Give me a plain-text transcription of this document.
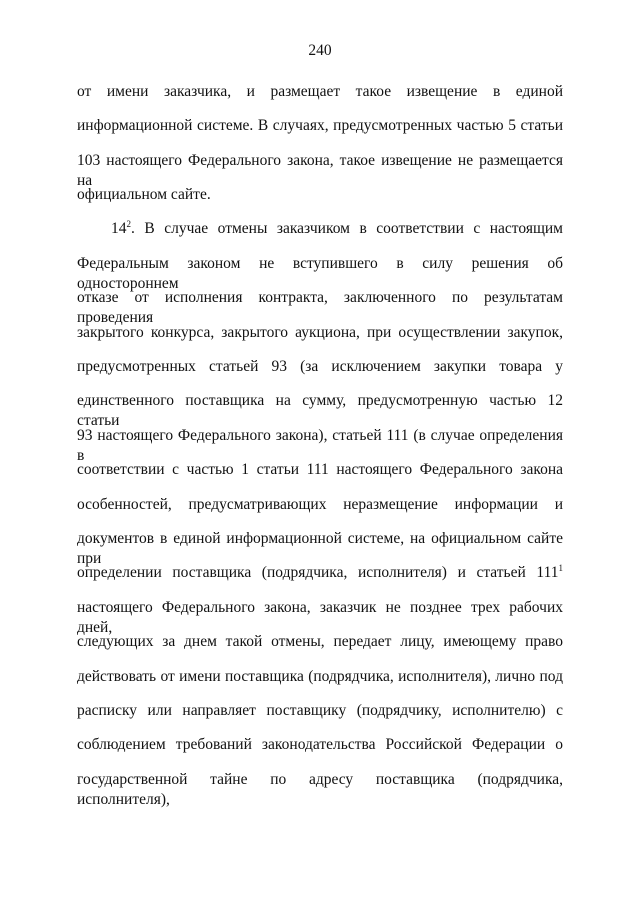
240
от имени заказчика, и размещает такое извещение в единой
информационной системе. В случаях, предусмотренных частью 5 статьи
103 настоящего Федерального закона, такое извещение не размещается на
официальном сайте.
$14^2$. В случае отмены заказчиком в соответствии с настоящим
Федеральным законом не вступившего в силу решения об одностороннем
отказе от исполнения контракта, заключенного по результатам проведения
закрытого конкурса, закрытого аукциона, при осуществлении закупок,
предусмотренных статьей 93 (за исключением закупки товара у
единственного поставщика на сумму, предусмотренную частью 12 статьи
93 настоящего Федерального закона), статьей 111 (в случае определения в
соответствии с частью 1 статьи 111 настоящего Федерального закона
особенностей, предусматривающих неразмещение информации и
документов в единой информационной системе, на официальном сайте при
определении поставщика (подрядчика, исполнителя) и статьей $111^1$
настоящего Федерального закона, заказчик не позднее трех рабочих дней,
следующих за днем такой отмены, передает лицу, имеющему право
действовать от имени поставщика (подрядчика, исполнителя), лично под
расписку или направляет поставщику (подрядчику, исполнителю) с
соблюдением требований законодательства Российской Федерации о
государственной тайне по адресу поставщика (подрядчика, исполнителя),
